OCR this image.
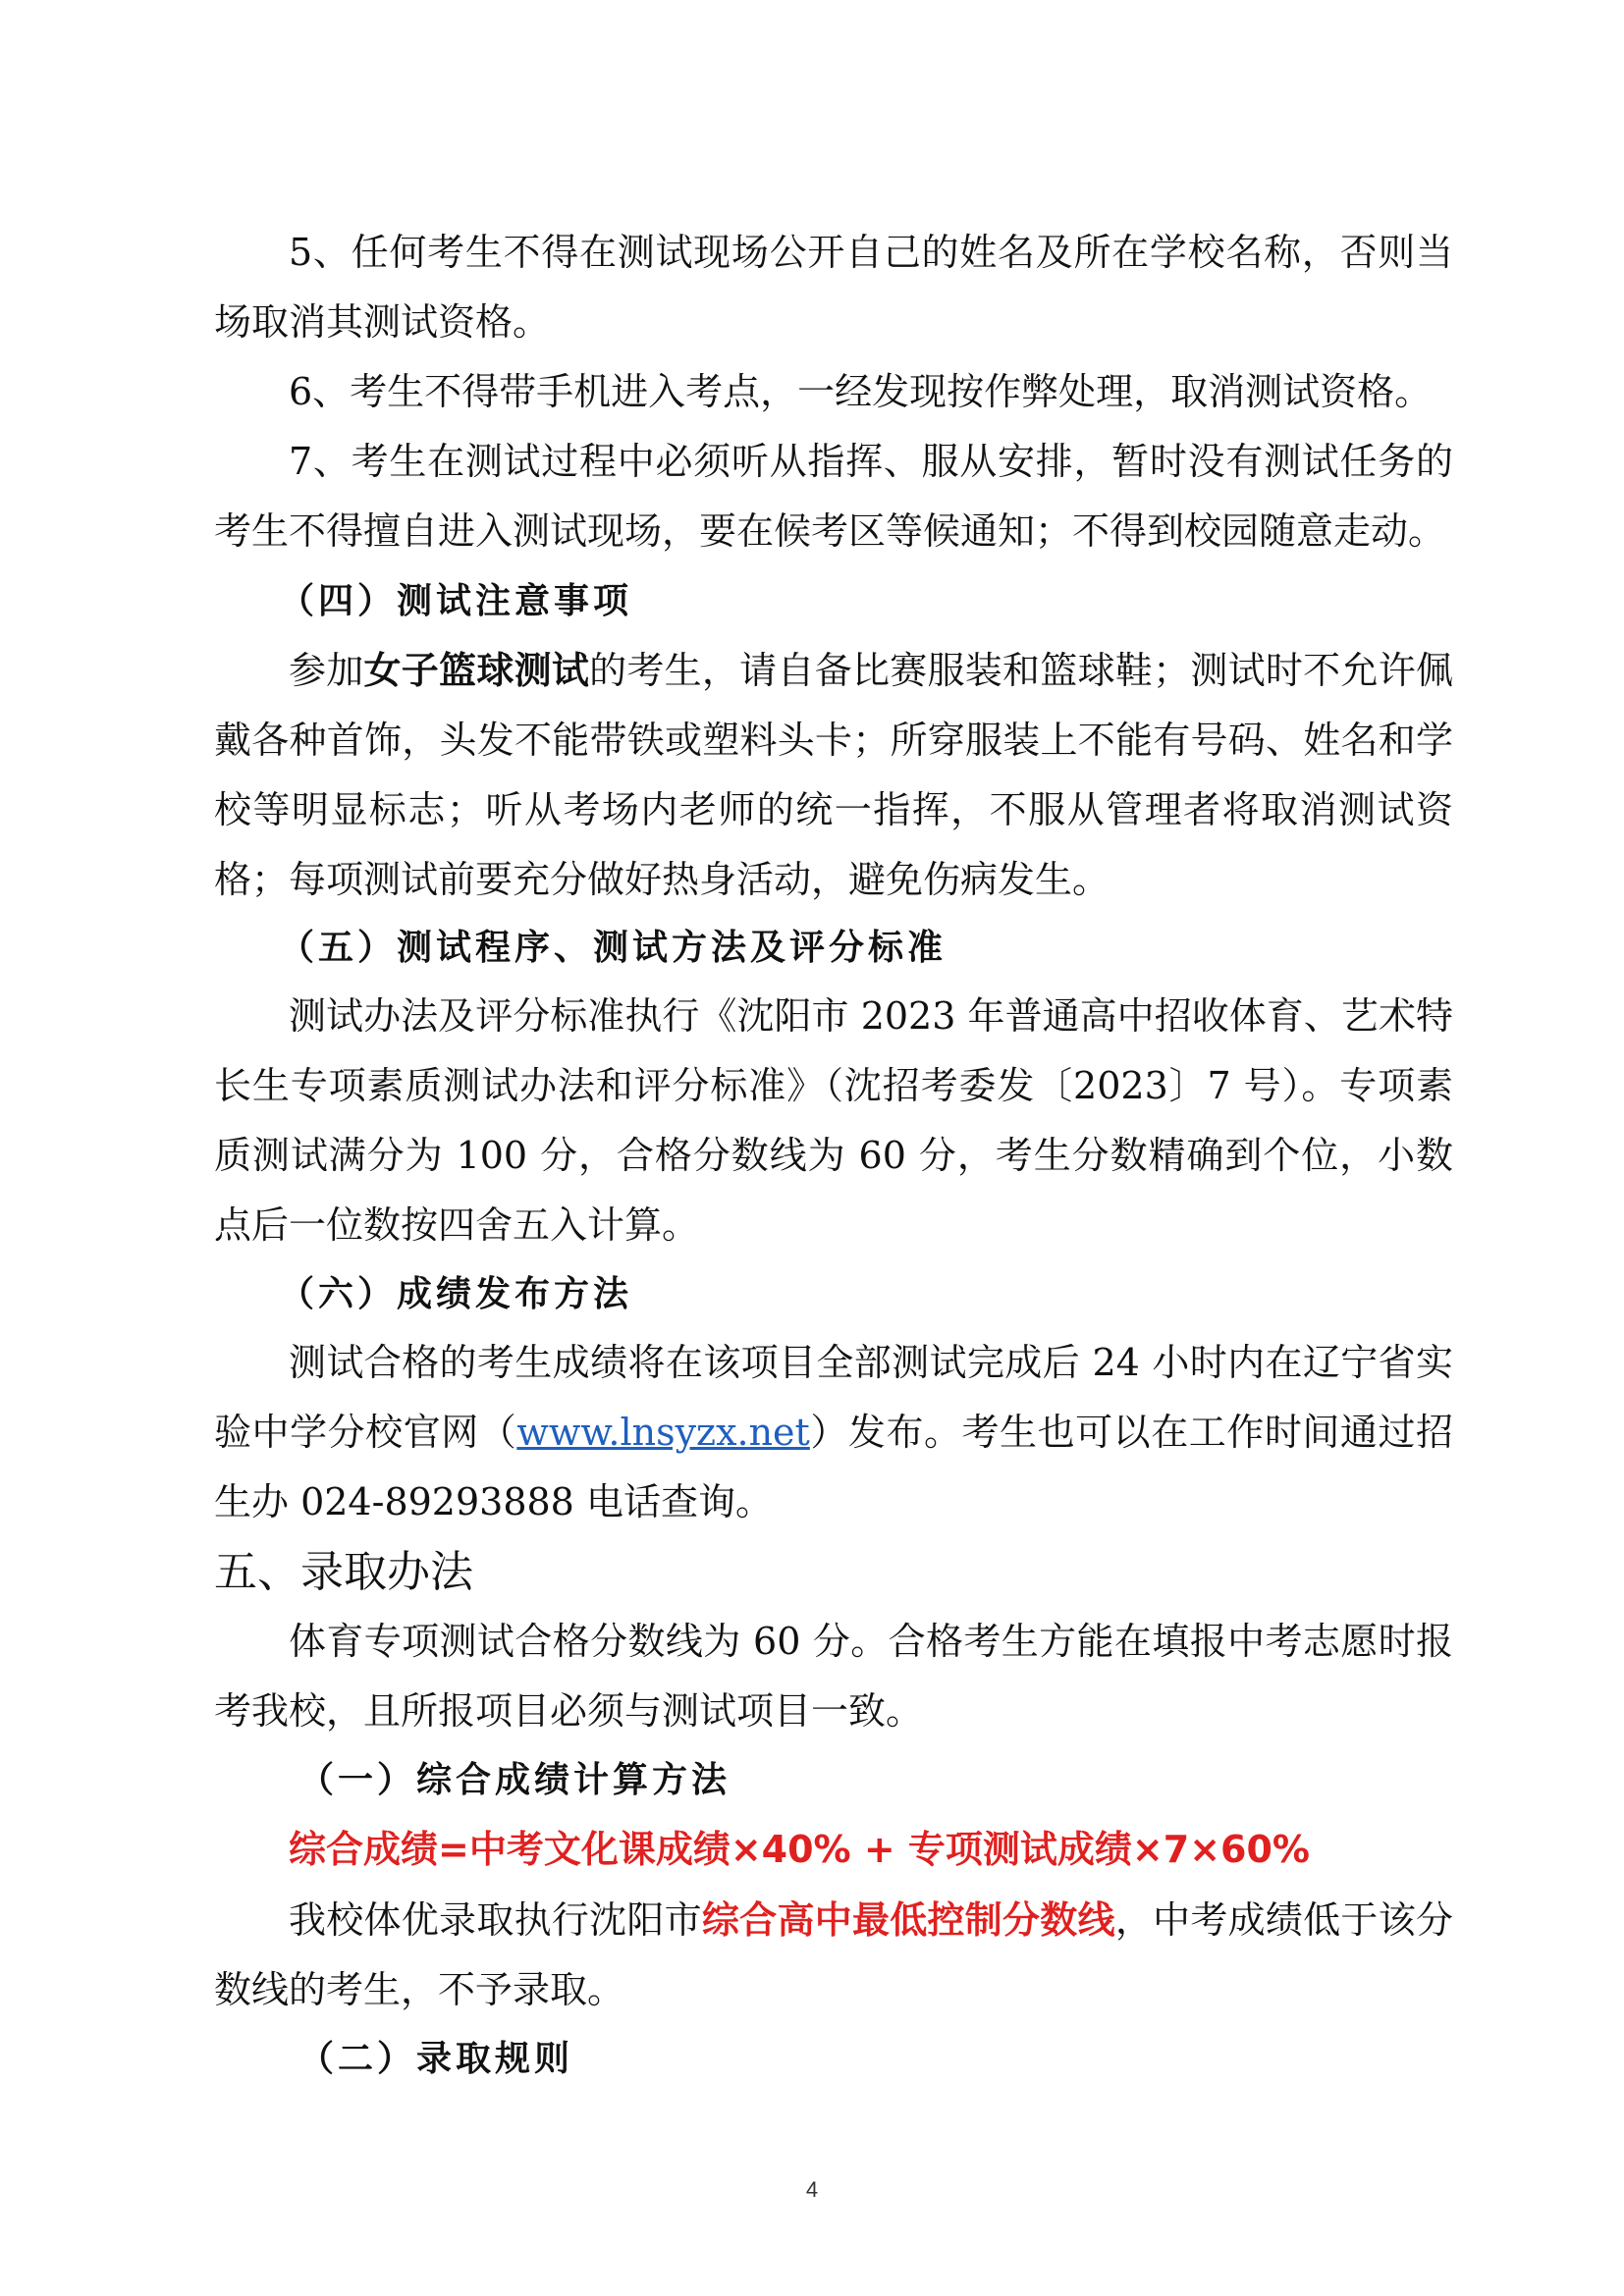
5、任何考生不得在测试现场公开自己的姓名及所在学校名称，否则当场取消其测试资格。
6、考生不得带手机进入考点，一经发现按作弊处理，取消测试资格。
7、考生在测试过程中必须听从指挥、服从安排，暂时没有测试任务的考生不得擅自进入测试现场，要在候考区等候通知；不得到校园随意走动。
（四）测试注意事项
参加女子篮球测试的考生，请自备比赛服装和篮球鞋；测试时不允许佩戴各种首饰，头发不能带铁或塑料头卡；所穿服装上不能有号码、姓名和学校等明显标志；听从考场内老师的统一指挥，不服从管理者将取消测试资格；每项测试前要充分做好热身活动，避免伤病发生。
（五）测试程序、测试方法及评分标准
测试办法及评分标准执行《沈阳市 2023 年普通高中招收体育、艺术特长生专项素质测试办法和评分标准》（沈招考委发〔2023〕7 号）。专项素质测试满分为 100 分，合格分数线为 60 分，考生分数精确到个位，小数点后一位数按四舍五入计算。
（六）成绩发布方法
测试合格的考生成绩将在该项目全部测试完成后 24 小时内在辽宁省实验中学分校官网（www.lnsyzx.net）发布。考生也可以在工作时间通过招生办 024-89293888 电话查询。
五、录取办法
体育专项测试合格分数线为 60 分。合格考生方能在填报中考志愿时报考我校，且所报项目必须与测试项目一致。
（一）综合成绩计算方法
综合成绩=中考文化课成绩×40% + 专项测试成绩×7×60%
我校体优录取执行沈阳市综合高中最低控制分数线，中考成绩低于该分数线的考生，不予录取。
（二）录取规则
4
